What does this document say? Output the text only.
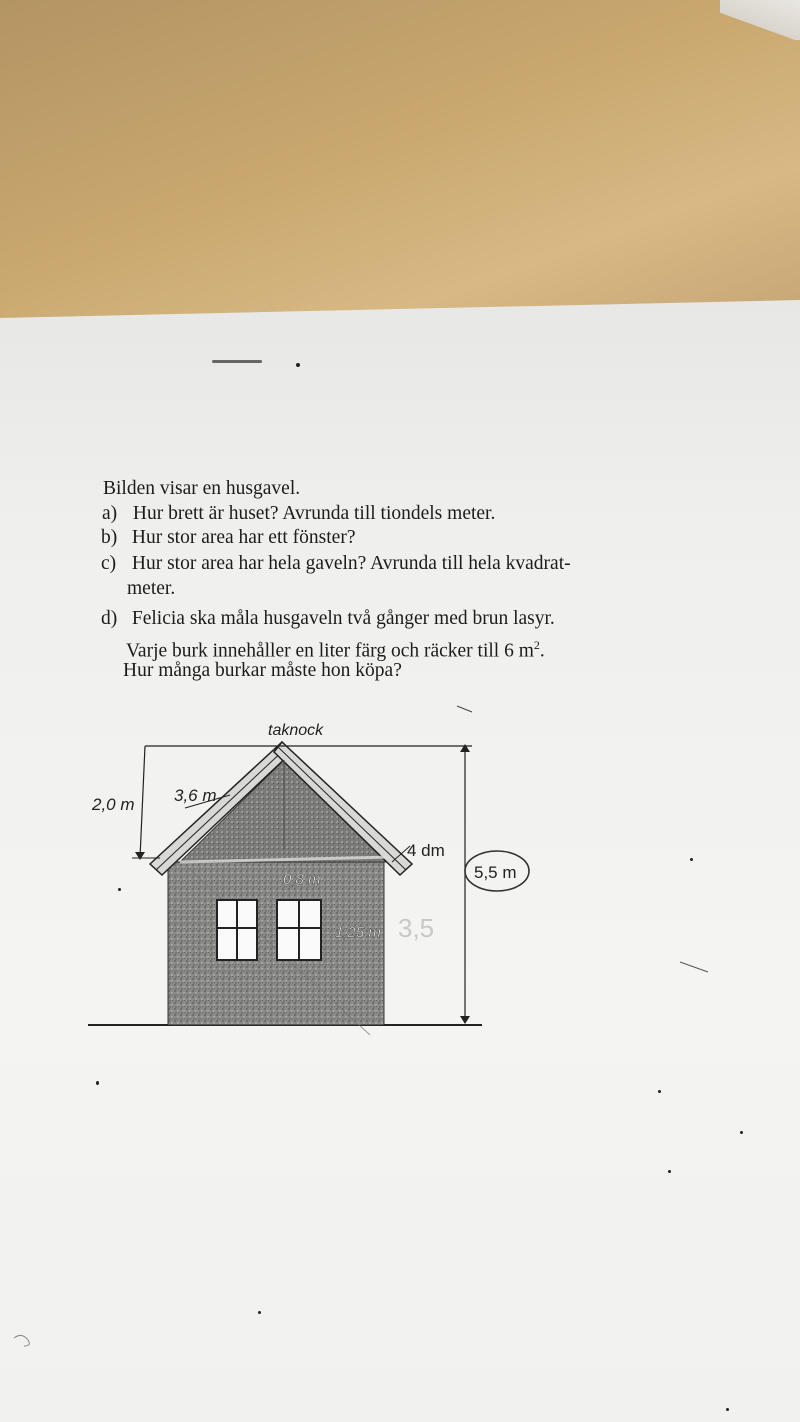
Bilden visar en husgavel.
a) Hur brett är huset? Avrunda till tiondels meter.
b) Hur stor area har ett fönster?
c) Hur stor area har hela gaveln? Avrunda till hela kvadrat-
meter.
d) Felicia ska måla husgaveln två gånger med brun lasyr.
Varje burk innehåller en liter färg och räcker till 6 $m^2$.
Hur många burkar måste hon köpa?
taknock
2,0 m 3,6 m
4 dm
5,5 m
0,8 m
1,25 m 3,5
